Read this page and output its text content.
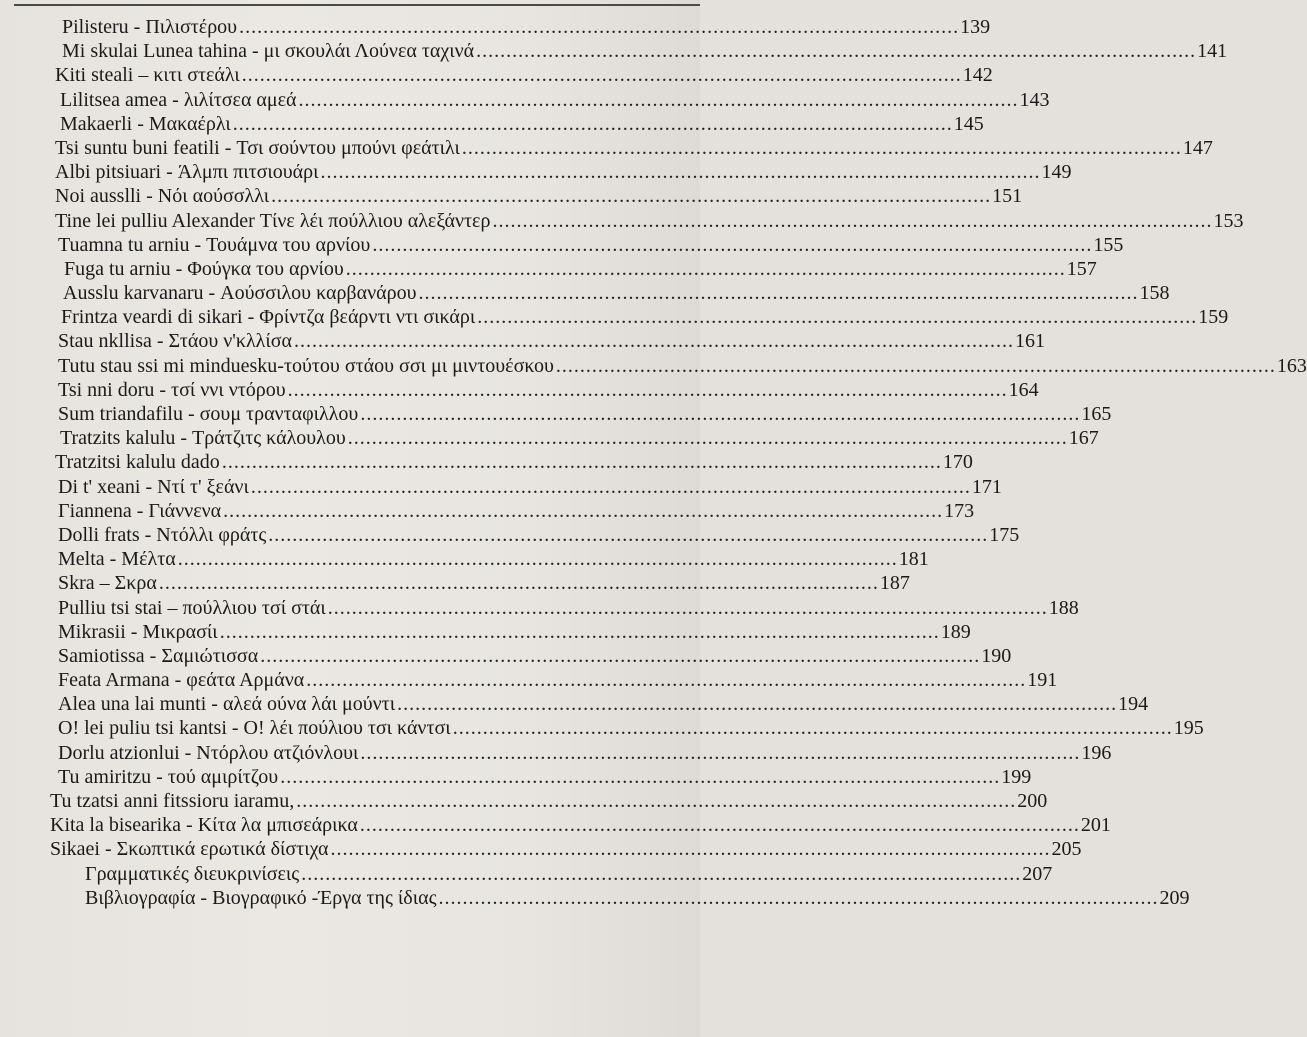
Pilisteru - Πιλιστέρου ........................................................................................................................ 139
Mi skulai Lunea tahina - μι σκουλάι Λούνεα ταχινά ........................................................................................................................ 141
Kiti steali – κιτι στεάλι ........................................................................................................................ 142
Lilitsea amea - λιλίτσεα αμεά ........................................................................................................................ 143
Makaerli - Μακαέρλι ........................................................................................................................ 145
Tsi suntu buni featili - Τσι σούντου μπούνι φεάτιλι ........................................................................................................................ 147
Albi pitsiuari - Άλμπι πιτσιουάρι ........................................................................................................................ 149
Noi ausslli - Νόι αούσσλλι ........................................................................................................................ 151
Tine lei pulliu Alexander Τίνε λέι πούλλιου αλεξάντερ ........................................................................................................................ 153
Tuamna tu arniu - Τουάμνα του αρνίου ........................................................................................................................ 155
Fuga tu arniu - Φούγκα του αρνίου ........................................................................................................................ 157
Ausslu karvanaru - Αούσσιλου καρβανάρου ........................................................................................................................ 158
Frintza veardi di sikari - Φρίντζα βεάρντι ντι σικάρι ........................................................................................................................ 159
Stau nkllisa - Στάου ν'κλλίσα ........................................................................................................................ 161
Tutu stau ssi mi minduesku-τούτου στάου σσι μι μιντουέσκου ........................................................................................................................ 163
Tsi nni doru - τσί ννι ντόρου ........................................................................................................................ 164
Sum triandafilu - σουμ τρανταφιλλου ........................................................................................................................ 165
Tratzits kalulu - Τράτζιτς κάλουλου ........................................................................................................................ 167
Tratzitsi kalulu dado ........................................................................................................................ 170
Di t' xeani - Ντί τ' ξεάνι ........................................................................................................................ 171
Γiannena - Γιάννενα ........................................................................................................................ 173
Dolli frats - Ντόλλι φράτς ........................................................................................................................ 175
Melta - Μέλτα ........................................................................................................................ 181
Skra – Σκρα ........................................................................................................................ 187
Pulliu tsi stai – πούλλιου τσί στάι ........................................................................................................................ 188
Mikrasii - Μικρασίι ........................................................................................................................ 189
Samiotissa - Σαμιώτισσα ........................................................................................................................ 190
Feata Armana - φεάτα Αρμάνα ........................................................................................................................ 191
Alea una lai munti - αλεά ούνα λάι μούντι ........................................................................................................................ 194
O! lei puliu tsi kantsi - O! λέι πούλιου τσι κάντσι ........................................................................................................................ 195
Dorlu atzionlui - Ντόρλου ατζιόνλουι ........................................................................................................................ 196
Tu amiritzu - τού αμιρίτζου ........................................................................................................................ 199
Tu tzatsi anni fitssioru iaramu, ........................................................................................................................ 200
Kita la bisearika - Κίτα λα μπισεάρικα ........................................................................................................................ 201
Sikaei - Σκωπτικά ερωτικά δίστιχα ........................................................................................................................ 205
Γραμματικές διευκρινίσεις ........................................................................................................................ 207
Βιβλιογραφία - Βιογραφικό -Έργα της ίδιας ........................................................................................................................ 209
